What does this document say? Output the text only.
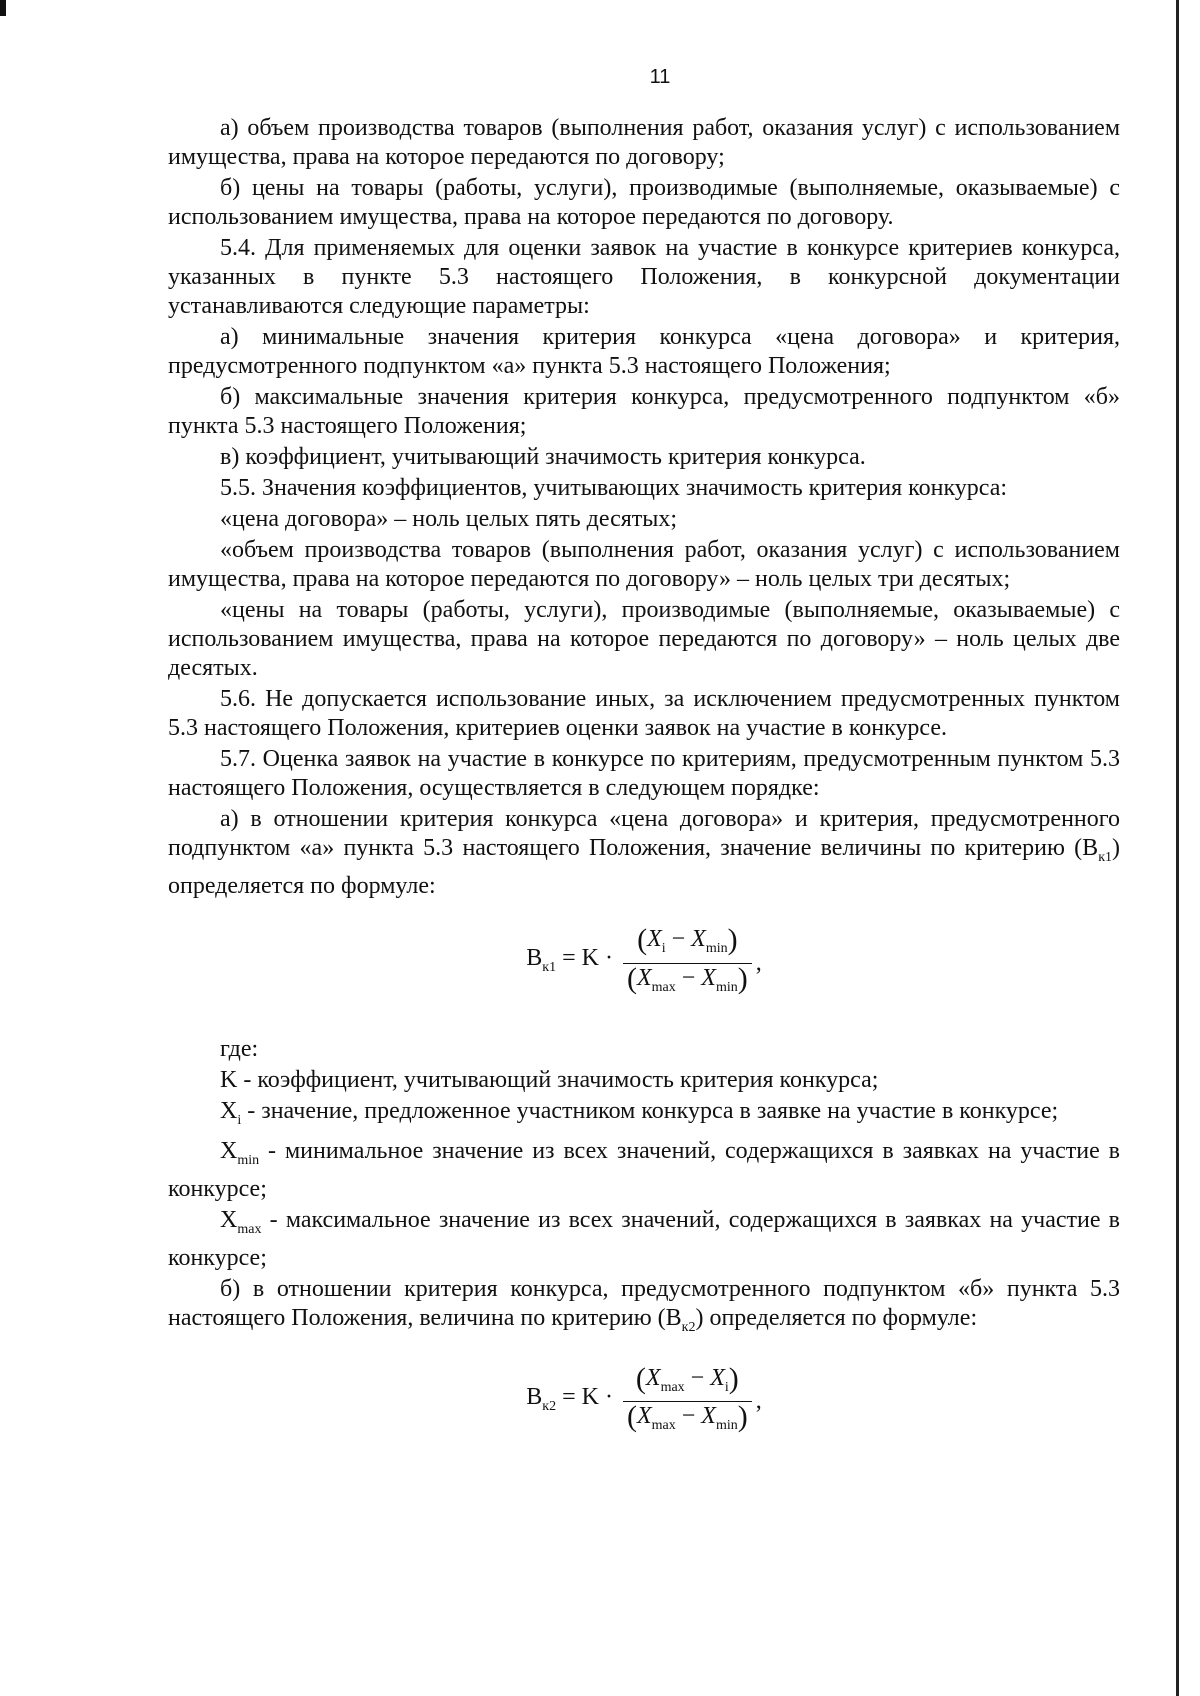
11

а) объем производства товаров (выполнения работ, оказания услуг) с использованием имущества, права на которое передаются по договору;

б) цены на товары (работы, услуги), производимые (выполняемые, оказываемые) с использованием имущества, права на которое передаются по договору.

5.4. Для применяемых для оценки заявок на участие в конкурсе критериев конкурса, указанных в пункте 5.3 настоящего Положения, в конкурсной документации устанавливаются следующие параметры:

а) минимальные значения критерия конкурса «цена договора» и критерия, предусмотренного подпунктом «а» пункта 5.3 настоящего Положения;

б) максимальные значения критерия конкурса, предусмотренного подпунктом «б» пункта 5.3 настоящего Положения;

в) коэффициент, учитывающий значимость критерия конкурса.

5.5. Значения коэффициентов, учитывающих значимость критерия конкурса:

«цена договора» – ноль целых пять десятых;

«объем производства товаров (выполнения работ, оказания услуг) с использованием имущества, права на которое передаются по договору» – ноль целых три десятых;

«цены на товары (работы, услуги), производимые (выполняемые, оказываемые) с использованием имущества, права на которое передаются по договору» – ноль целых две десятых.

5.6. Не допускается использование иных, за исключением предусмотренных пунктом 5.3 настоящего Положения, критериев оценки заявок на участие в конкурсе.

5.7. Оценка заявок на участие в конкурсе по критериям, предусмотренным пунктом 5.3 настоящего Положения, осуществляется в следующем порядке:

а) в отношении критерия конкурса «цена договора» и критерия, предусмотренного подпунктом «а» пункта 5.3 настоящего Положения, значение величины по критерию $(В_{к1})$ определяется по формуле:

$В_{к1} = K \cdot \frac{(X_i - X_{min})}{(X_{max} - X_{min})}$ ,

где:

K - коэффициент, учитывающий значимость критерия конкурса;

$X_i$ - значение, предложенное участником конкурса в заявке на участие в конкурсе;

$X_{min}$ - минимальное значение из всех значений, содержащихся в заявках на участие в конкурсе;

$X_{max}$ - максимальное значение из всех значений, содержащихся в заявках на участие в конкурсе;

б) в отношении критерия конкурса, предусмотренного подпунктом «б» пункта 5.3 настоящего Положения, величина по критерию $(В_{к2})$ определяется по формуле:

$В_{к2} = K \cdot \frac{(X_{max} - X_i)}{(X_{max} - X_{min})}$ ,
